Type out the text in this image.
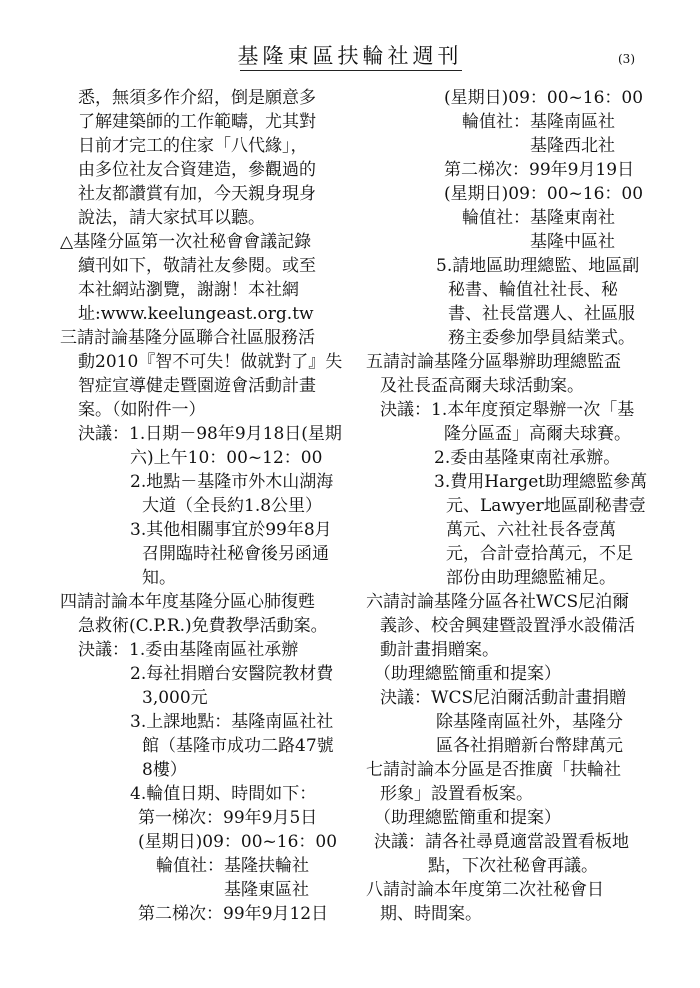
基隆東區扶輪社週刊	(3)
悉，無須多作介紹，倒是願意多
了解建築師的工作範疇，尤其對
日前才完工的住家「八代緣」，
由多位社友合資建造，參觀過的
社友都讚賞有加，今天親身現身
說法，請大家拭耳以聽。
△基隆分區第一次社秘會會議記錄
續刊如下，敬請社友參閱。或至
本社網站瀏覽，謝謝！本社網
址:www.keelungeast.org.tw
三請討論基隆分區聯合社區服務活
動2010『智不可失！做就對了』失
智症宣導健走暨園遊會活動計畫
案。（如附件一）
決議：1.日期－98年9月18日(星期
六)上午10：00~12：00
2.地點－基隆市外木山湖海
大道（全長約1.8公里）
3.其他相關事宜於99年8月
召開臨時社秘會後另函通
知。
四請討論本年度基隆分區心肺復甦
急救術(C.P.R.)免費教學活動案。
決議：1.委由基隆南區社承辦
2.每社捐贈台安醫院教材費
3,000元
3.上課地點：基隆南區社社
館（基隆市成功二路47號
8樓）
4.輪值日期、時間如下：
第一梯次：99年9月5日
(星期日)09：00~16：00
輪值社：基隆扶輪社
基隆東區社
第二梯次：99年9月12日
(星期日)09：00~16：00
輪值社：基隆南區社
基隆西北社
第二梯次：99年9月19日
(星期日)09：00~16：00
輪值社：基隆東南社
基隆中區社
5.請地區助理總監、地區副
秘書、輪值社社長、秘
書、社長當選人、社區服
務主委參加學員結業式。
五請討論基隆分區舉辦助理總監盃
及社長盃高爾夫球活動案。
決議：1.本年度預定舉辦一次「基
隆分區盃」高爾夫球賽。
2.委由基隆東南社承辦。
3.費用Harget助理總監參萬
元、Lawyer地區副秘書壹
萬元、六社社長各壹萬
元，合計壹拾萬元，不足
部份由助理總監補足。
六請討論基隆分區各社WCS尼泊爾
義診、校舍興建暨設置淨水設備活
動計畫捐贈案。
（助理總監簡重和提案）
決議：WCS尼泊爾活動計畫捐贈
除基隆南區社外，基隆分
區各社捐贈新台幣肆萬元
七請討論本分區是否推廣「扶輪社
形象」設置看板案。
（助理總監簡重和提案）
決議：請各社尋覓適當設置看板地
點，下次社秘會再議。
八請討論本年度第二次社秘會日
期、時間案。
